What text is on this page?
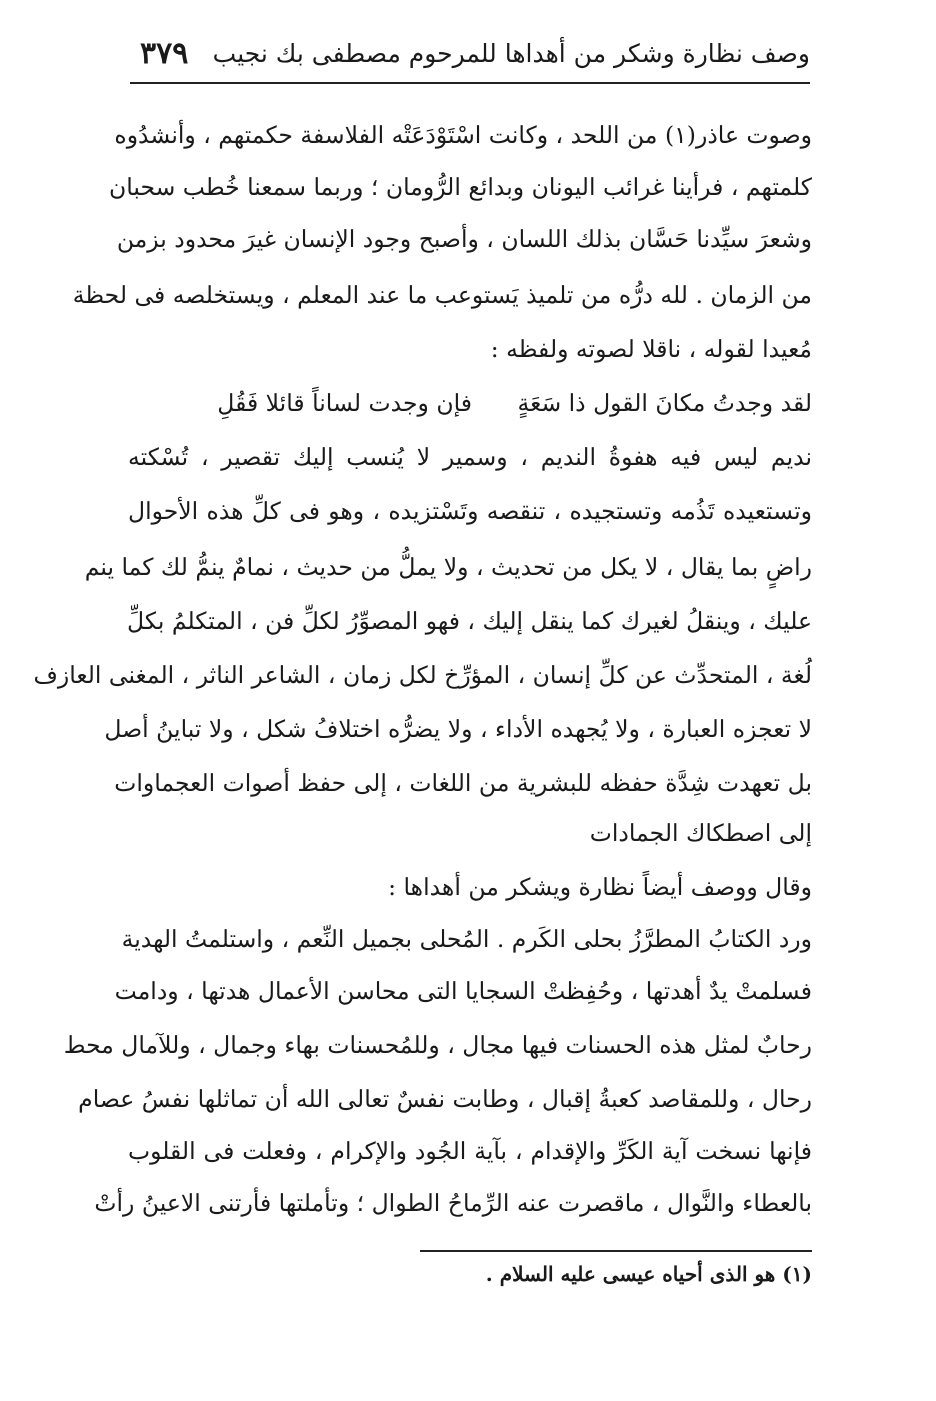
وصف نظارة وشكر من أهداها للمرحوم مصطفى بك نجيب
٣٧٩
وصوت عاذر(١) من اللحد ، وكانت اسْتَوْدَعَتْه الفلاسفة حكمتهم ، وأنشدُوه
كلمتهم ، فرأينا غرائب اليونان وبدائع الرُّومان ؛ وربما سمعنا خُطب سحبان
وشعرَ سيِّدنا حَسَّان بذلك اللسان ، وأصبح وجود الإنسان غيرَ محدود بزمن
من الزمان . لله درُّه من تلميذ يَستوعب ما عند المعلم ، ويستخلصه فى لحظة
مُعيدا لقوله ، ناقلا لصوته ولفظه :
لقد وجدتُ مكانَ القول ذا سَعَةٍ
فإن وجدت لساناً قائلا فَقُلِ
نديم ليس فيه هفوةُ النديم ، وسمير لا يُنسب إليك تقصير ، تُسْكته
وتستعيده تَذُمه وتستجيده ، تنقصه وتَسْتزيده ، وهو فى كلِّ هذه الأحوال
راضٍ بما يقال ، لا يكل من تحديث ، ولا يملُّ من حديث ، نمامٌ ينمُّ لك كما ينم
عليك ، وينقلُ لغيرك كما ينقل إليك ، فهو المصوِّرُ لكلِّ فن ، المتكلمُ بكلِّ
لُغة ، المتحدِّث عن كلِّ إنسان ، المؤرِّخ لكل زمان ، الشاعر الناثر ، المغنى العازف
لا تعجزه العبارة ، ولا يُجهده الأداء ، ولا يضرُّه اختلافُ شكل ، ولا تباينُ أصل
بل تعهدت شِدَّة حفظه للبشرية من اللغات ، إلى حفظ أصوات العجماوات
إلى اصطكاك الجمادات
وقال ووصف أيضاً نظارة ويشكر من أهداها :
ورد الكتابُ المطرَّزُ بحلى الكَرم . المُحلى بجميل النِّعم ، واستلمتُ الهدية
فسلمتْ يدٌ أهدتها ، وحُفِظتْ السجايا التى محاسن الأعمال هدتها ، ودامت
رحابٌ لمثل هذه الحسنات فيها مجال ، وللمُحسنات بهاء وجمال ، وللآمال محط
رحال ، وللمقاصد كعبةُ إقبال ، وطابت نفسٌ تعالى الله أن تماثلها نفسُ عصام
فإنها نسخت آية الكَرِّ والإقدام ، بآية الجُود والإكرام ، وفعلت فى القلوب
بالعطاء والنَّوال ، ماقصرت عنه الرِّماحُ الطوال ؛ وتأملتها فأرتنى الاعينُ رأتْ
(١) هو الذى أحياه عيسى عليه السلام .
